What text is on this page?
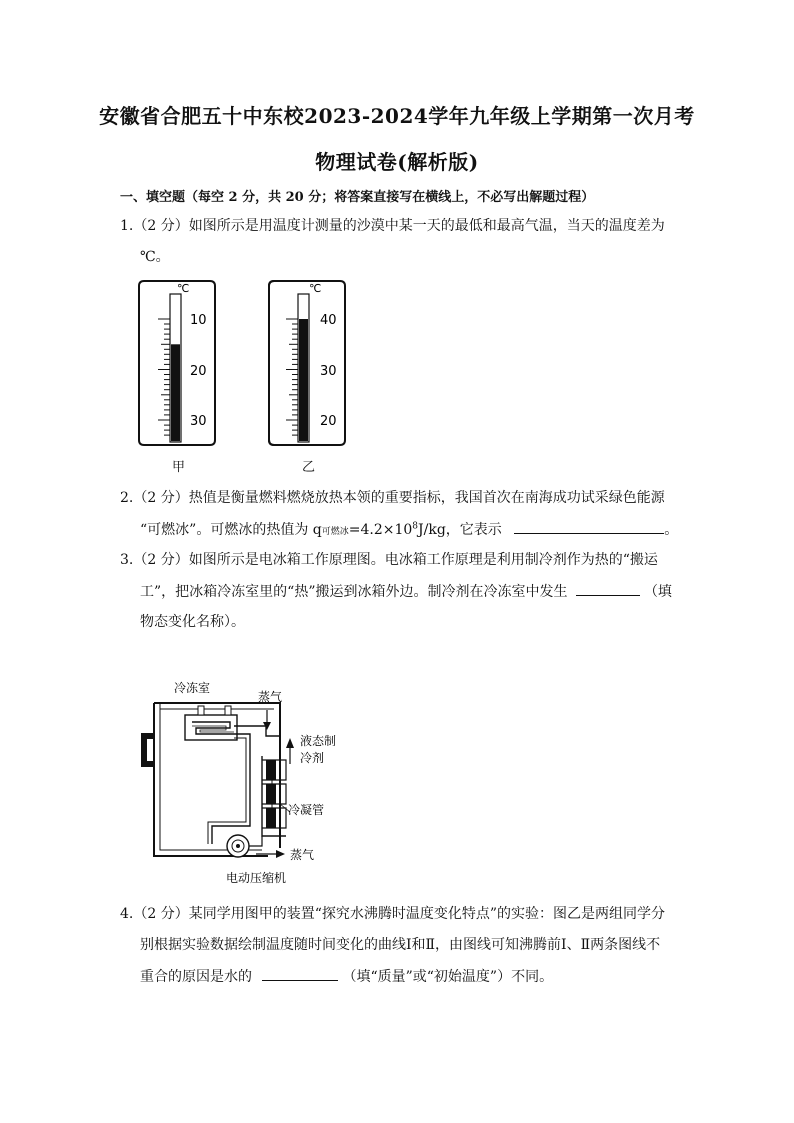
安徽省合肥五十中东校2023-2024学年九年级上学期第一次月考
物理试卷(解析版)
一、填空题（每空 2 分，共 20 分；将答案直接写在横线上，不必写出解题过程）
1.（2 分）如图所示是用温度计测量的沙漠中某一天的最低和最高气温，当天的温度差为
℃。
℃
10
20
30
℃
40
30
20
甲	乙
2.（2 分）热值是衡量燃料燃烧放热本领的重要指标，我国首次在南海成功试采绿色能源
“可燃冰”。可燃冰的热值为 q可燃冰$=4.2\times 10^8J/kg$，它表示	。
3.（2 分）如图所示是电冰箱工作原理图。电冰箱工作原理是利用制冷剂作为热的“搬运
工”，把冰箱冷冻室里的“热”搬运到冰箱外边。制冷剂在冷冻室中发生	（填
物态变化名称）。
冷冻室
蒸气
液态制
冷剂
冷凝管
蒸气
电动压缩机
4.（2 分）某同学用图甲的装置“探究水沸腾时温度变化特点”的实验：图乙是两组同学分
别根据实验数据绘制温度随时间变化的曲线Ⅰ和Ⅱ，由图线可知沸腾前Ⅰ、Ⅱ两条图线不
重合的原因是水的	（填“质量”或“初始温度”）不同。
